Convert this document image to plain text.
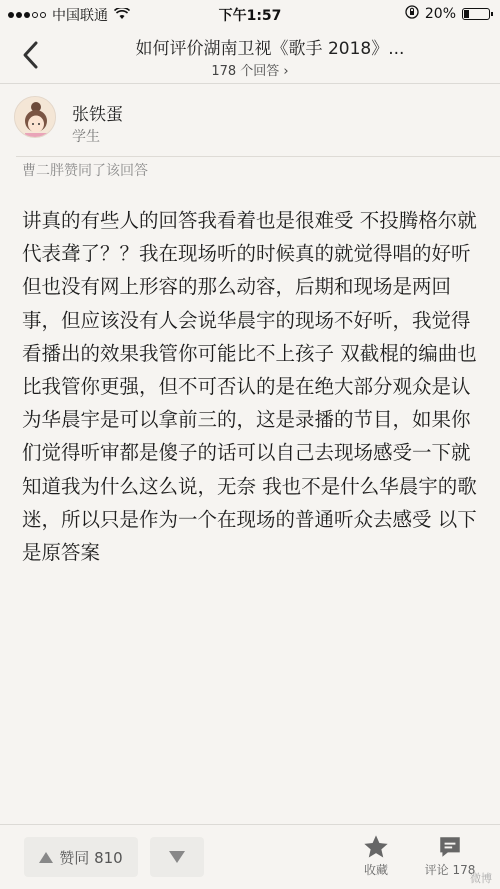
中国联通	下午1:57	20%
如何评价湖南卫视《歌手 2018》...
178 个回答 ›
张铁蛋
学生
曹二胖赞同了该回答

讲真的有些人的回答我看着也是很难受 不投腾格尔就代表聋了？？我在现场听的时候真的就觉得唱的好听但也没有网上形容的那么动容，后期和现场是两回事，但应该没有人会说华晨宇的现场不好听，我觉得看播出的效果我管你可能比不上孩子 双截棍的编曲也比我管你更强，但不可否认的是在绝大部分观众是认为华晨宇是可以拿前三的，这是录播的节目，如果你们觉得听审都是傻子的话可以自己去现场感受一下就知道我为什么这么说，无奈 我也不是什么华晨宇的歌迷，所以只是作为一个在现场的普通听众去感受 以下是原答案

赞同 810
收藏	评论 178
微博
